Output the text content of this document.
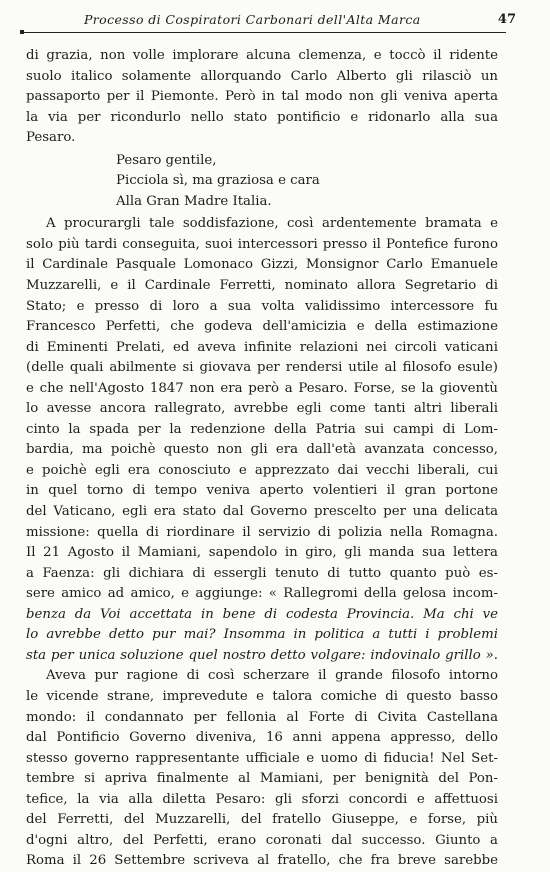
Processo di Cospiratori Carbonari dell'Alta Marca	47
di grazia, non volle implorare alcuna clemenza, e toccò il ridente
suolo italico solamente allorquando Carlo Alberto gli rilasciò un
passaporto per il Piemonte. Però in tal modo non gli veniva aperta
la via per ricondurlo nello stato pontificio e ridonarlo alla sua
Pesaro.
Pesaro gentile,
Picciola sì, ma graziosa e cara
Alla Gran Madre Italia.
A procurargli tale soddisfazione, così ardentemente bramata e
solo più tardi conseguita, suoi intercessori presso il Pontefice furono
il Cardinale Pasquale Lomonaco Gizzi, Monsignor Carlo Emanuele
Muzzarelli, e il Cardinale Ferretti, nominato allora Segretario di
Stato; e presso di loro a sua volta validissimo intercessore fu
Francesco Perfetti, che godeva dell'amicizia e della estimazione
di Eminenti Prelati, ed aveva infinite relazioni nei circoli vaticani
(delle quali abilmente si giovava per rendersi utile al filosofo esule)
e che nell'Agosto 1847 non era però a Pesaro. Forse, se la gioventù
lo avesse ancora rallegrato, avrebbe egli come tanti altri liberali
cinto la spada per la redenzione della Patria sui campi di Lom-
bardia, ma poichè questo non gli era dall'età avanzata concesso,
e poichè egli era conosciuto e apprezzato dai vecchi liberali, cui
in quel torno di tempo veniva aperto volentieri il gran portone
del Vaticano, egli era stato dal Governo prescelto per una delicata
missione: quella di riordinare il servizio di polizia nella Romagna.
Il 21 Agosto il Mamiani, sapendolo in giro, gli manda sua lettera
a Faenza: gli dichiara di essergli tenuto di tutto quanto può es-
sere amico ad amico, e aggiunge: « Rallegromi della gelosa incom-
benza da Voi accettata in bene di codesta Provincia. Ma chi ve
lo avrebbe detto pur mai? Insomma in politica a tutti i problemi
sta per unica soluzione quel nostro detto volgare: indovinalo grillo ».
Aveva pur ragione di così scherzare il grande filosofo intorno
le vicende strane, imprevedute e talora comiche di questo basso
mondo: il condannato per fellonia al Forte di Civita Castellana
dal Pontificio Governo diveniva, 16 anni appena appresso, dello
stesso governo rappresentante ufficiale e uomo di fiducia! Nel Set-
tembre si apriva finalmente al Mamiani, per benignità del Pon-
tefice, la via alla diletta Pesaro: gli sforzi concordi e affettuosi
del Ferretti, del Muzzarelli, del fratello Giuseppe, e forse, più
d'ogni altro, del Perfetti, erano coronati dal successo. Giunto a
Roma il 26 Settembre scriveva al fratello, che fra breve sarebbe
